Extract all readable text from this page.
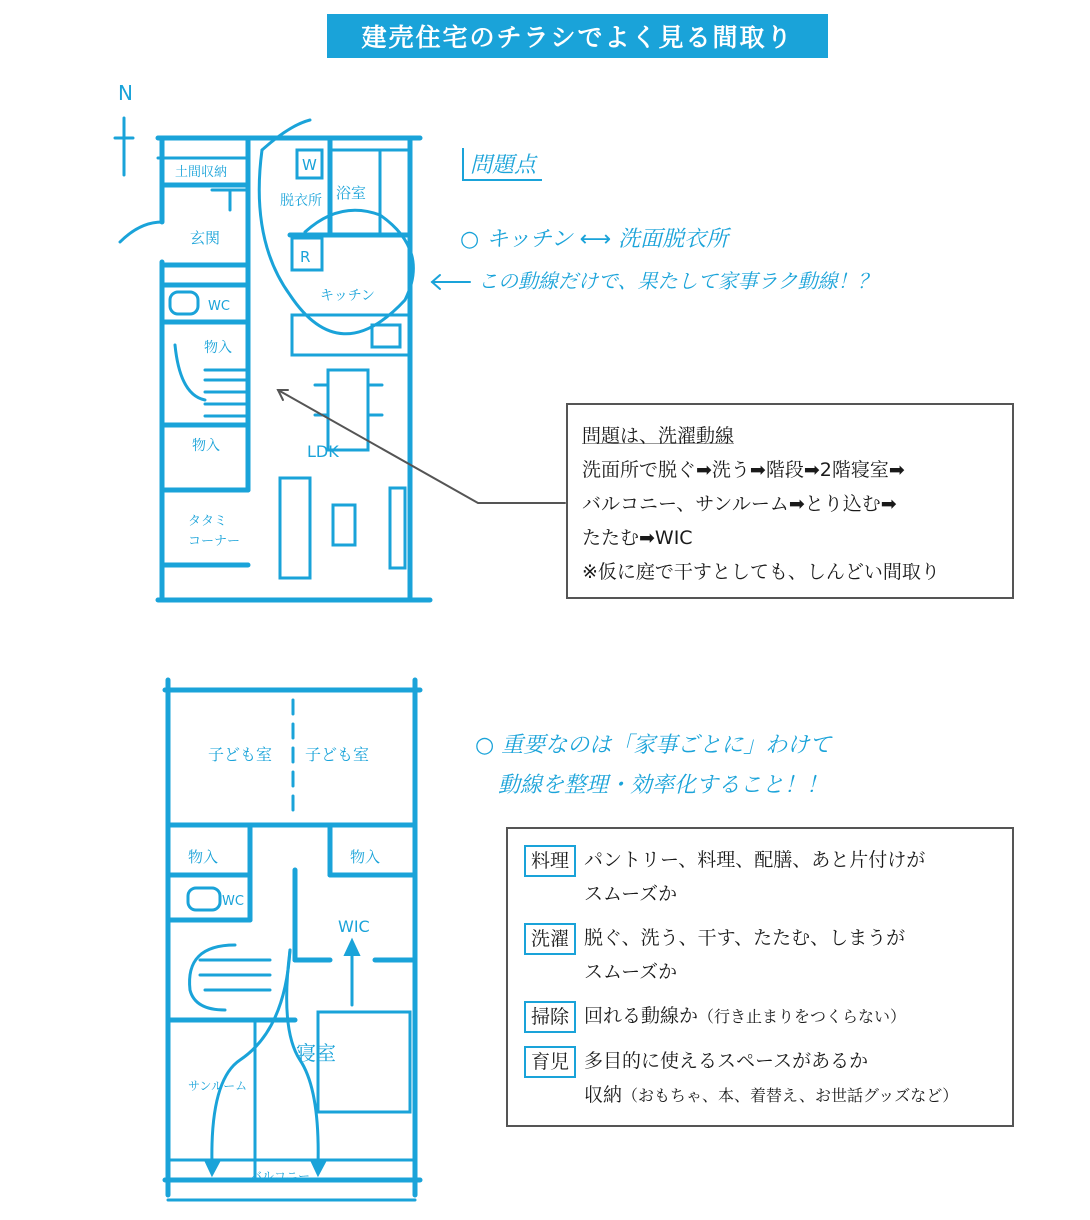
建売住宅のチラシでよく見る間取り
N
土間収納
玄関
脱衣所 浴室
W
R
キッチン
WC
物入
物入	LDK
タタミ
コーナー
子ども室 子ども室
物入	物入
WC
WIC
寝室
サンルーム
バルコニー
問題点
○ キッチン ⟷ 洗面脱衣所
この動線だけで、果たして家事ラク動線！？
○ 重要なのは「家事ごとに」わけて
動線を整理・効率化すること！！
問題は、洗濯動線
洗面所で脱ぐ➡洗う➡階段➡2階寝室➡
バルコニー、サンルーム➡とり込む➡
たたむ➡WIC
※仮に庭で干すとしても、しんどい間取り
料理 パントリー、料理、配膳、あと片付けが
スムーズか
洗濯 脱ぐ、洗う、干す、たたむ、しまうが
スムーズか
掃除 回れる動線か（行き止まりをつくらない）
育児 多目的に使えるスペースがあるか
収納（おもちゃ、本、着替え、お世話グッズなど）
